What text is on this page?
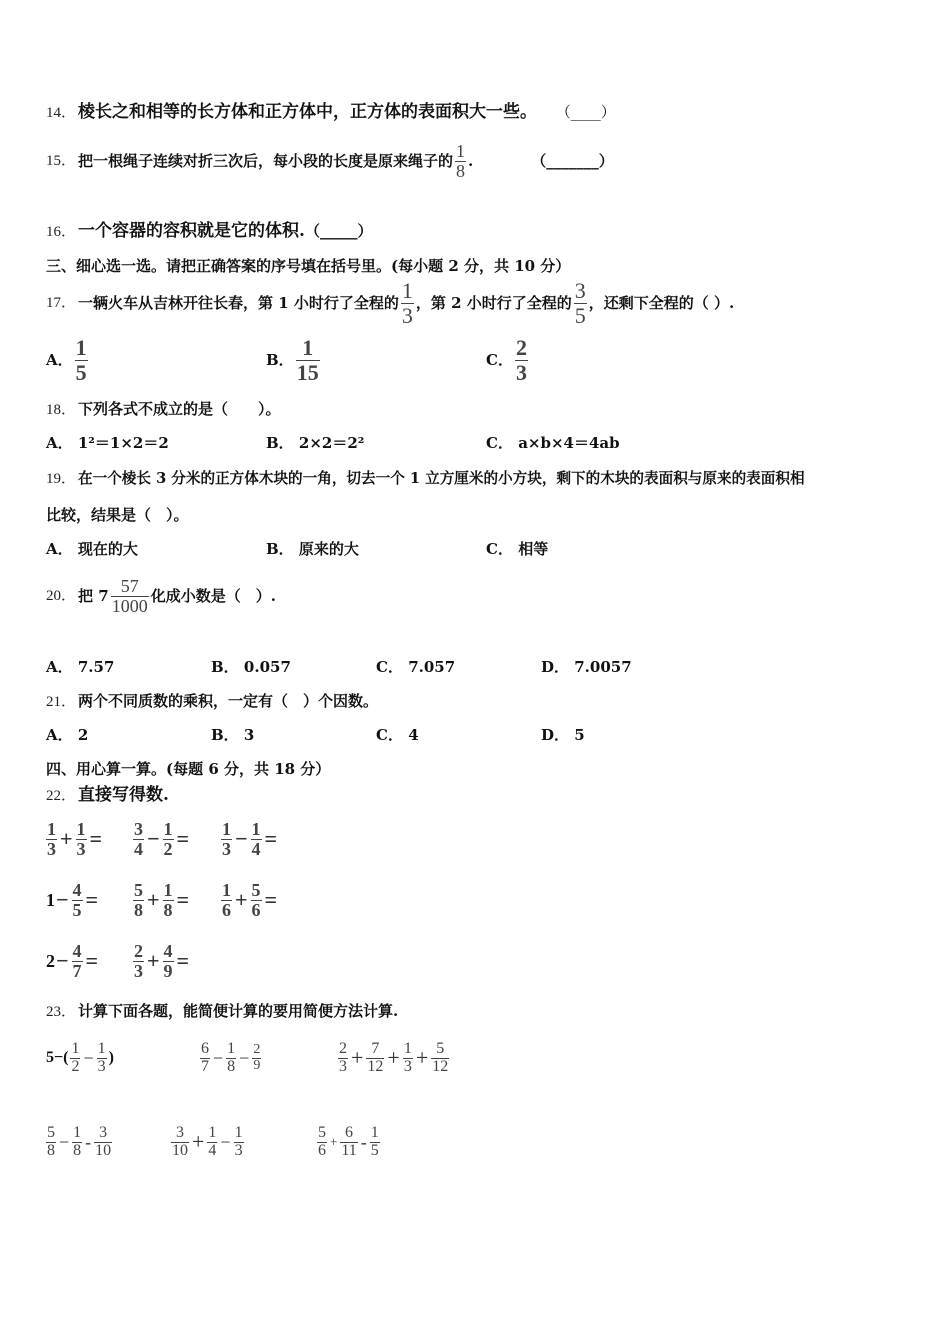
14． 棱长之和相等的长方体和正方体中，正方体的表面积大一些。 （____）
15． 把一根绳子连续对折三次后，每小段的长度是原来绳子的 $\frac{1}{8}$ .	（_______）
16． 一个容器的容积就是它的体积.（_____）
三、细心选一选。请把正确答案的序号填在括号里。(每小题 2 分，共 10 分）
17． 一辆火车从吉林开往长春，第 1 小时行了全程的 $\frac{1}{3}$ ，第 2 小时行了全程的 $\frac{3}{5}$ ，还剩下全程的（ ）.
A． $\frac{1}{5}$	B． $\frac{1}{15}$	C． $\frac{2}{3}$
18． 下列各式不成立的是（　　）。
A． 1²＝1×2＝2	B． 2×2＝2²	C． a×b×4＝4ab
19． 在一个棱长 3 分米的正方体木块的一角，切去一个 1 立方厘米的小方块，剩下的木块的表面积与原来的表面积相
比较，结果是（　）。
A． 现在的大	B． 原来的大	C． 相等
20． 把 $7 \frac{57}{1000}$ 化成小数是（　）.
A． 7.57	B． 0.057	C． 7.057	D． 7.0057
21． 两个不同质数的乘积，一定有（　）个因数。
A． 2	B． 3	C． 4	D． 5
四、用心算一算。(每题 6 分，共 18 分）
22． 直接写得数.
$\frac{1}{3} + \frac{1}{3} = \frac{3}{4} - \frac{1}{2} = \frac{1}{3} - \frac{1}{4}$ =
$1 - \frac{4}{5} = \frac{5}{8} + \frac{1}{8} = \frac{1}{6} + \frac{5}{6}$ =
$2 - \frac{4}{7} = \frac{2}{3} + \frac{4}{9}$ =
23． 计算下面各题，能简便计算的要用简便方法计算.
$5-( \frac{1}{2} - \frac{1}{3}$ )	$\frac{6}{7} - \frac{1}{8} - \frac{2}{9}$	$\frac{2}{3} + \frac{7}{12} + \frac{1}{3} + \frac{5}{12}$
$\frac{5}{8} - \frac{1}{8} - \frac{3}{10}$	$\frac{3}{10} + \frac{1}{4} - \frac{1}{3}$	$\frac{5}{6} + \frac{6}{11} - \frac{1}{5}$
